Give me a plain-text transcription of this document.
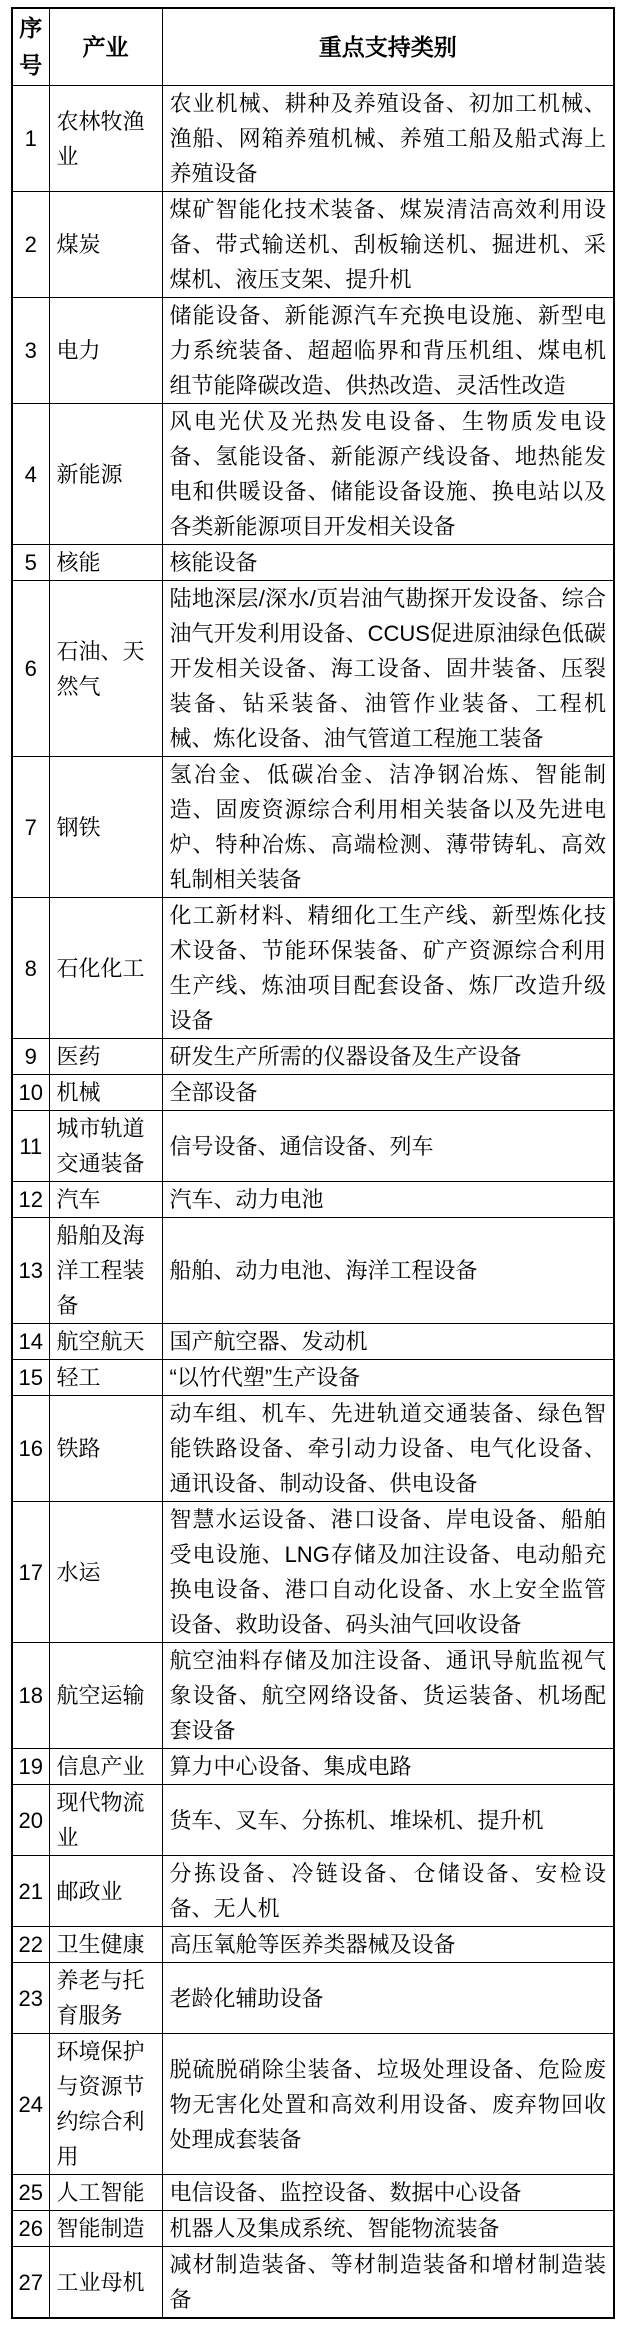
序号	产业	重点支持类别
1	农林牧渔业	农业机械、耕种及养殖设备、初加工机械、渔船、网箱养殖机械、养殖工船及船式海上养殖设备
2	煤炭	煤矿智能化技术装备、煤炭清洁高效利用设备、带式输送机、刮板输送机、掘进机、采煤机、液压支架、提升机
3	电力	储能设备、新能源汽车充换电设施、新型电力系统装备、超超临界和背压机组、煤电机组节能降碳改造、供热改造、灵活性改造
4	新能源	风电光伏及光热发电设备、生物质发电设备、氢能设备、新能源产线设备、地热能发电和供暖设备、储能设备设施、换电站以及各类新能源项目开发相关设备
5	核能	核能设备
6	石油、天然气	陆地深层/深水/页岩油气勘探开发设备、综合油气开发利用设备、CCUS促进原油绿色低碳开发相关设备、海工设备、固井装备、压裂装备、钻采装备、油管作业装备、工程机械、炼化设备、油气管道工程施工装备
7	钢铁	氢冶金、低碳冶金、洁净钢冶炼、智能制造、固废资源综合利用相关装备以及先进电炉、特种冶炼、高端检测、薄带铸轧、高效轧制相关装备
8	石化化工	化工新材料、精细化工生产线、新型炼化技术设备、节能环保装备、矿产资源综合利用生产线、炼油项目配套设备、炼厂改造升级设备
9	医药	研发生产所需的仪器设备及生产设备
10	机械	全部设备
11	城市轨道交通装备	信号设备、通信设备、列车
12	汽车	汽车、动力电池
13	船舶及海洋工程装备	船舶、动力电池、海洋工程设备
14	航空航天	国产航空器、发动机
15	轻工	“以竹代塑”生产设备
16	铁路	动车组、机车、先进轨道交通装备、绿色智能铁路设备、牵引动力设备、电气化设备、通讯设备、制动设备、供电设备
17	水运	智慧水运设备、港口设备、岸电设备、船舶受电设施、LNG存储及加注设备、电动船充换电设备、港口自动化设备、水上安全监管设备、救助设备、码头油气回收设备
18	航空运输	航空油料存储及加注设备、通讯导航监视气象设备、航空网络设备、货运装备、机场配套设备
19	信息产业	算力中心设备、集成电路
20	现代物流业	货车、叉车、分拣机、堆垛机、提升机
21	邮政业	分拣设备、冷链设备、仓储设备、安检设备、无人机
22	卫生健康	高压氧舱等医养类器械及设备
23	养老与托育服务	老龄化辅助设备
24	环境保护与资源节约综合利用	脱硫脱硝除尘装备、垃圾处理设备、危险废物无害化处置和高效利用设备、废弃物回收处理成套装备
25	人工智能	电信设备、监控设备、数据中心设备
26	智能制造	机器人及集成系统、智能物流装备
27	工业母机	减材制造装备、等材制造装备和增材制造装备
